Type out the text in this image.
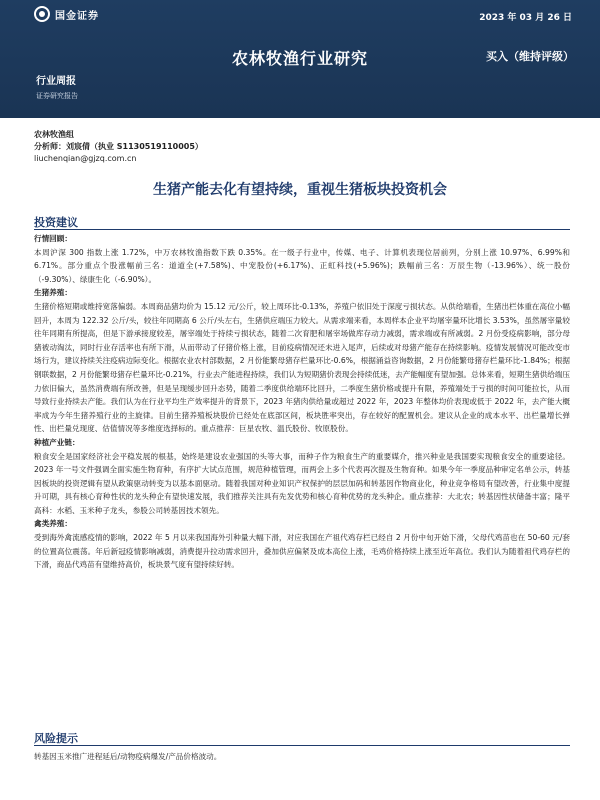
国金证券	2023 年 03 月 26 日
农林牧渔行业研究	买入（维持评级）
行业周报
证券研究报告
农林牧渔组
分析师：刘宸倩（执业 S1130519110005）
liuchenqian@gjzq.com.cn
生猪产能去化有望持续，重视生猪板块投资机会
投资建议
行情回顾：

本周沪深 300 指数上涨 1.72%，中万农林牧渔指数下跌 0.35%。在一级子行业中，传媒、电子、计算机表现位居前列，分别上涨 10.97%、6.99%和 6.71%。部分重点个股涨幅前三名：道道全(+7.58%)、中宠股份(+6.17%)、正虹科技(+5.96%)；跌幅前三名：万辰生物（-13.96%）、统一股份（-9.30%）、绿康生化（-6.90%）。

生猪养殖：

生猪价格短期或维持宽落偏弱。本周商品猪均价为 15.12 元/公斤，较上周环比-0.13%，养殖户依旧处于深度亏损状态。从供给端看，生猪出栏体重在高位小幅回升，本周为 122.32 公斤/头，较往年同期高 6 公斤/头左右，生猪供应端压力较大。从需求端来看，本周样本企业平均屠宰量环比增长 3.53%，虽然屠宰量较往年同期有所提高，但是下游承接度较差，屠宰端处于持续亏损状态，随着二次育肥和屠宰场做库存动力减弱，需求端或有所减弱。2 月份受疫病影响，部分母猪被动淘汰，同时行业存活率也有所下滑，从而带动了仔猪价格上涨，目前疫病情况还未进入尾声，后续或对母猪产能存在持续影响。疫情发展情况可能改变市场行为，建议持续关注疫病边际变化。根据农业农村部数据，2 月份能繁母猪存栏量环比-0.6%，根据涌益咨询数据，2 月份能繁母猪存栏量环比-1.84%；根据钢联数据，2 月份能繁母猪存栏量环比-0.21%，行业去产能进程持续，我们认为短期猪价表现会持续低迷，去产能幅度有望加强。总体来看，短期生猪供给端压力依旧偏大，虽然消费端有所改善，但是呈现缓步回升态势，随着二季度供给端环比回升，二季度生猪价格或提升有限，养殖端处于亏损的时间可能拉长，从而导致行业持续去产能。我们认为在行业平均生产效率提升的背景下，2023 年猪肉供给量或超过 2022 年，2023 年整体均价表现或低于 2022 年，去产能大概率成为今年生猪养殖行业的主旋律。目前生猪养殖板块股价已经处在底部区间，板块胜率突出，存在较好的配置机会。建议从企业的成本水平、出栏量增长弹性、出栏量兑现度、估值情况等多维度选择标的。重点推荐：巨星农牧、温氏股份、牧原股份。

种植产业链：

粮食安全是国家经济社会平稳发展的根基，始终是建设农业强国的头等大事，而种子作为粮食生产的重要媒介，推兴种业是我国要实现粮食安全的重要途径。2023 年一号文件强调全面实施生物育种，有序扩大试点范围，规范种植管理，而两会上多个代表再次提及生物育种。如果今年一季度品种审定名单公示，转基因板块的投资逻辑有望从政策驱动转变为以基本面驱动。随着我国对种业知识产权保护的层层加码和转基因作物商业化，种业竞争格局有望改善，行业集中度提升可期，具有核心育种性状的龙头种企有望快速发展，我们推荐关注具有先发优势和核心育种优势的龙头种企。重点推荐：大北农；转基因性状储备丰富；隆平高科：水稻、玉米种子龙头，参股公司转基因技术领先。

禽类养殖：

受到海外禽流感疫情的影响，2022 年 5 月以来我国海外引种量大幅下滑，对应我国在产祖代鸡存栏已经自 2 月份中旬开始下滑，父母代鸡苗也在 50-60 元/套的位置高位震荡。年后新冠疫情影响减弱，消费提升拉动需求回升，叠加供应偏紧及成本高位上涨，毛鸡价格持续上涨至近年高位。我们认为随着祖代鸡存栏的下滑，商品代鸡苗有望维持高价，板块景气度有望持续好转。

风险提示

转基因玉米推广进程延后/动物疫病爆发/产品价格波动。
